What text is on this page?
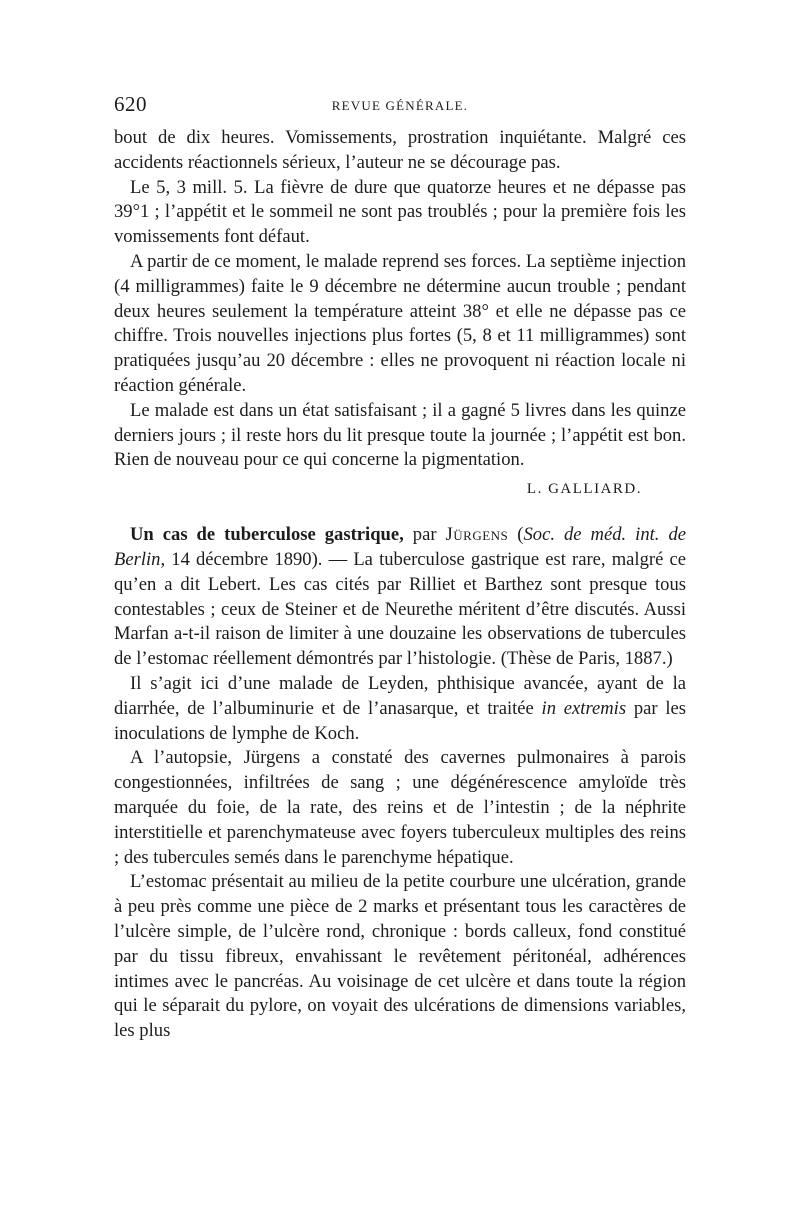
620	REVUE GÉNÉRALE.

bout de dix heures. Vomissements, prostration inquiétante. Malgré ces accidents réactionnels sérieux, l’auteur ne se décourage pas.

Le 5, 3 mill. 5. La fièvre de dure que quatorze heures et ne dépasse pas 39°1 ; l’appétit et le sommeil ne sont pas troublés ; pour la première fois les vomissements font défaut.

A partir de ce moment, le malade reprend ses forces. La septième injection (4 milligrammes) faite le 9 décembre ne détermine aucun trouble ; pendant deux heures seulement la température atteint 38° et elle ne dépasse pas ce chiffre. Trois nouvelles injections plus fortes (5, 8 et 11 milligrammes) sont pratiquées jusqu’au 20 décembre : elles ne provoquent ni réaction locale ni réaction générale.

Le malade est dans un état satisfaisant ; il a gagné 5 livres dans les quinze derniers jours ; il reste hors du lit presque toute la journée ; l’appétit est bon. Rien de nouveau pour ce qui concerne la pigmentation.

L. GALLIARD.

Un cas de tuberculose gastrique, par Jürgens (Soc. de méd. int. de Berlin, 14 décembre 1890). — La tuberculose gastrique est rare, malgré ce qu’en a dit Lebert. Les cas cités par Rilliet et Barthez sont presque tous contestables ; ceux de Steiner et de Neurethe méritent d’être discutés. Aussi Marfan a-t-il raison de limiter à une douzaine les observations de tubercules de l’estomac réellement démontrés par l’histologie. (Thèse de Paris, 1887.)

Il s’agit ici d’une malade de Leyden, phthisique avancée, ayant de la diarrhée, de l’albuminurie et de l’anasarque, et traitée in extremis par les inoculations de lymphe de Koch.

A l’autopsie, Jürgens a constaté des cavernes pulmonaires à parois congestionnées, infiltrées de sang ; une dégénérescence amyloïde très marquée du foie, de la rate, des reins et de l’intestin ; de la néphrite interstitielle et parenchymateuse avec foyers tuberculeux multiples des reins ; des tubercules semés dans le parenchyme hépatique.

L’estomac présentait au milieu de la petite courbure une ulcération, grande à peu près comme une pièce de 2 marks et présentant tous les caractères de l’ulcère simple, de l’ulcère rond, chronique : bords calleux, fond constitué par du tissu fibreux, envahissant le revêtement péritonéal, adhérences intimes avec le pancréas. Au voisinage de cet ulcère et dans toute la région qui le séparait du pylore, on voyait des ulcérations de dimensions variables, les plus
